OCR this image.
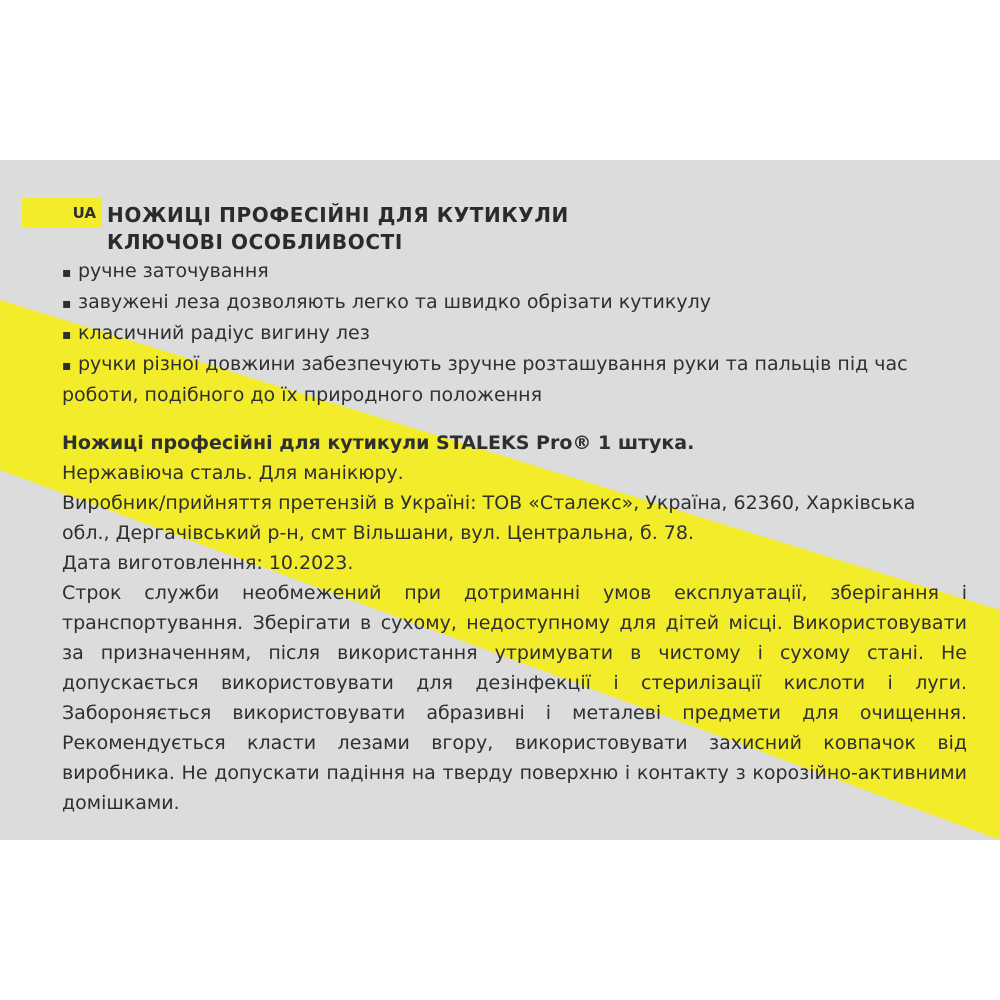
UA НОЖИЦІ ПРОФЕСІЙНІ ДЛЯ КУТИКУЛИ
КЛЮЧОВІ ОСОБЛИВОСТІ
▪ ручне заточування
▪ завужені леза дозволяють легко та швидко обрізати кутикулу
▪ класичний радіус вигину лез
▪ ручки різної довжини забезпечують зручне розташування руки та пальців під час роботи, подібного до їх природного положення

Ножиці професійні для кутикули STALEKS Pro® 1 штука.

Нержавіюча сталь. Для манікюру.

Виробник/прийняття претензій в Україні: ТОВ «Сталекс», Україна, 62360, Харківська обл., Дергачівський р-н, смт Вільшани, вул. Центральна, б. 78.

Дата виготовлення: 10.2023.

Строк служби необмежений при дотриманні умов експлуатації, зберігання і транспортування. Зберігати в сухому, недоступному для дітей місці. Використовувати за призначенням, після використання утримувати в чистому і сухому стані. Не допускається використовувати для дезінфекції і стерилізації кислоти і луги. Забороняється використовувати абразивні і металеві предмети для очищення. Рекомендується класти лезами вгору, використовувати захисний ковпачок від виробника. Не допускати падіння на тверду поверхню і контакту з корозійно-активними домішками.
